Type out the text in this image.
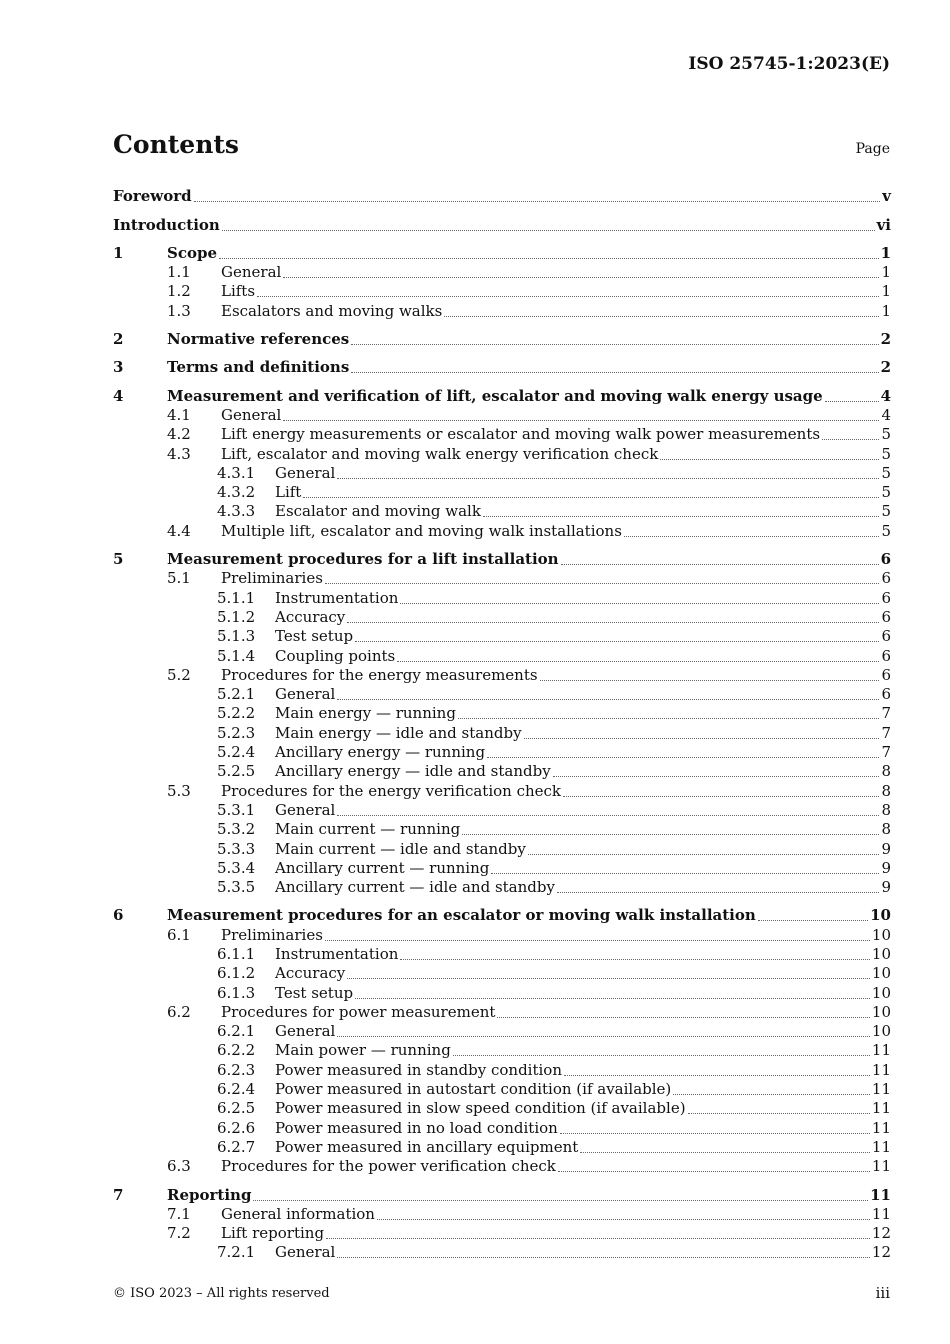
ISO 25745-1:2023(E)
Contents	Page
Foreword	v
Introduction	vi
1	Scope	1
1.1	General	1
1.2	Lifts	1
1.3	Escalators and moving walks	1
2	Normative references	2
3	Terms and definitions	2
4	Measurement and verification of lift, escalator and moving walk energy usage	4
4.1	General	4
4.2	Lift energy measurements or escalator and moving walk power measurements	5
4.3	Lift, escalator and moving walk energy verification check	5
4.3.1	General	5
4.3.2	Lift	5
4.3.3	Escalator and moving walk	5
4.4	Multiple lift, escalator and moving walk installations	5
5	Measurement procedures for a lift installation	6
5.1	Preliminaries	6
5.1.1	Instrumentation	6
5.1.2	Accuracy	6
5.1.3	Test setup	6
5.1.4	Coupling points	6
5.2	Procedures for the energy measurements	6
5.2.1	General	6
5.2.2	Main energy — running	7
5.2.3	Main energy — idle and standby	7
5.2.4	Ancillary energy — running	7
5.2.5	Ancillary energy — idle and standby	8
5.3	Procedures for the energy verification check	8
5.3.1	General	8
5.3.2	Main current — running	8
5.3.3	Main current — idle and standby	9
5.3.4	Ancillary current — running	9
5.3.5	Ancillary current — idle and standby	9
6	Measurement procedures for an escalator or moving walk installation	10
6.1	Preliminaries	10
6.1.1	Instrumentation	10
6.1.2	Accuracy	10
6.1.3	Test setup	10
6.2	Procedures for power measurement	10
6.2.1	General	10
6.2.2	Main power — running	11
6.2.3	Power measured in standby condition	11
6.2.4	Power measured in autostart condition (if available)	11
6.2.5	Power measured in slow speed condition (if available)	11
6.2.6	Power measured in no load condition	11
6.2.7	Power measured in ancillary equipment	11
6.3	Procedures for the power verification check	11
7	Reporting	11
7.1	General information	11
7.2	Lift reporting	12
7.2.1	General	12
© ISO 2023 – All rights reserved	iii
